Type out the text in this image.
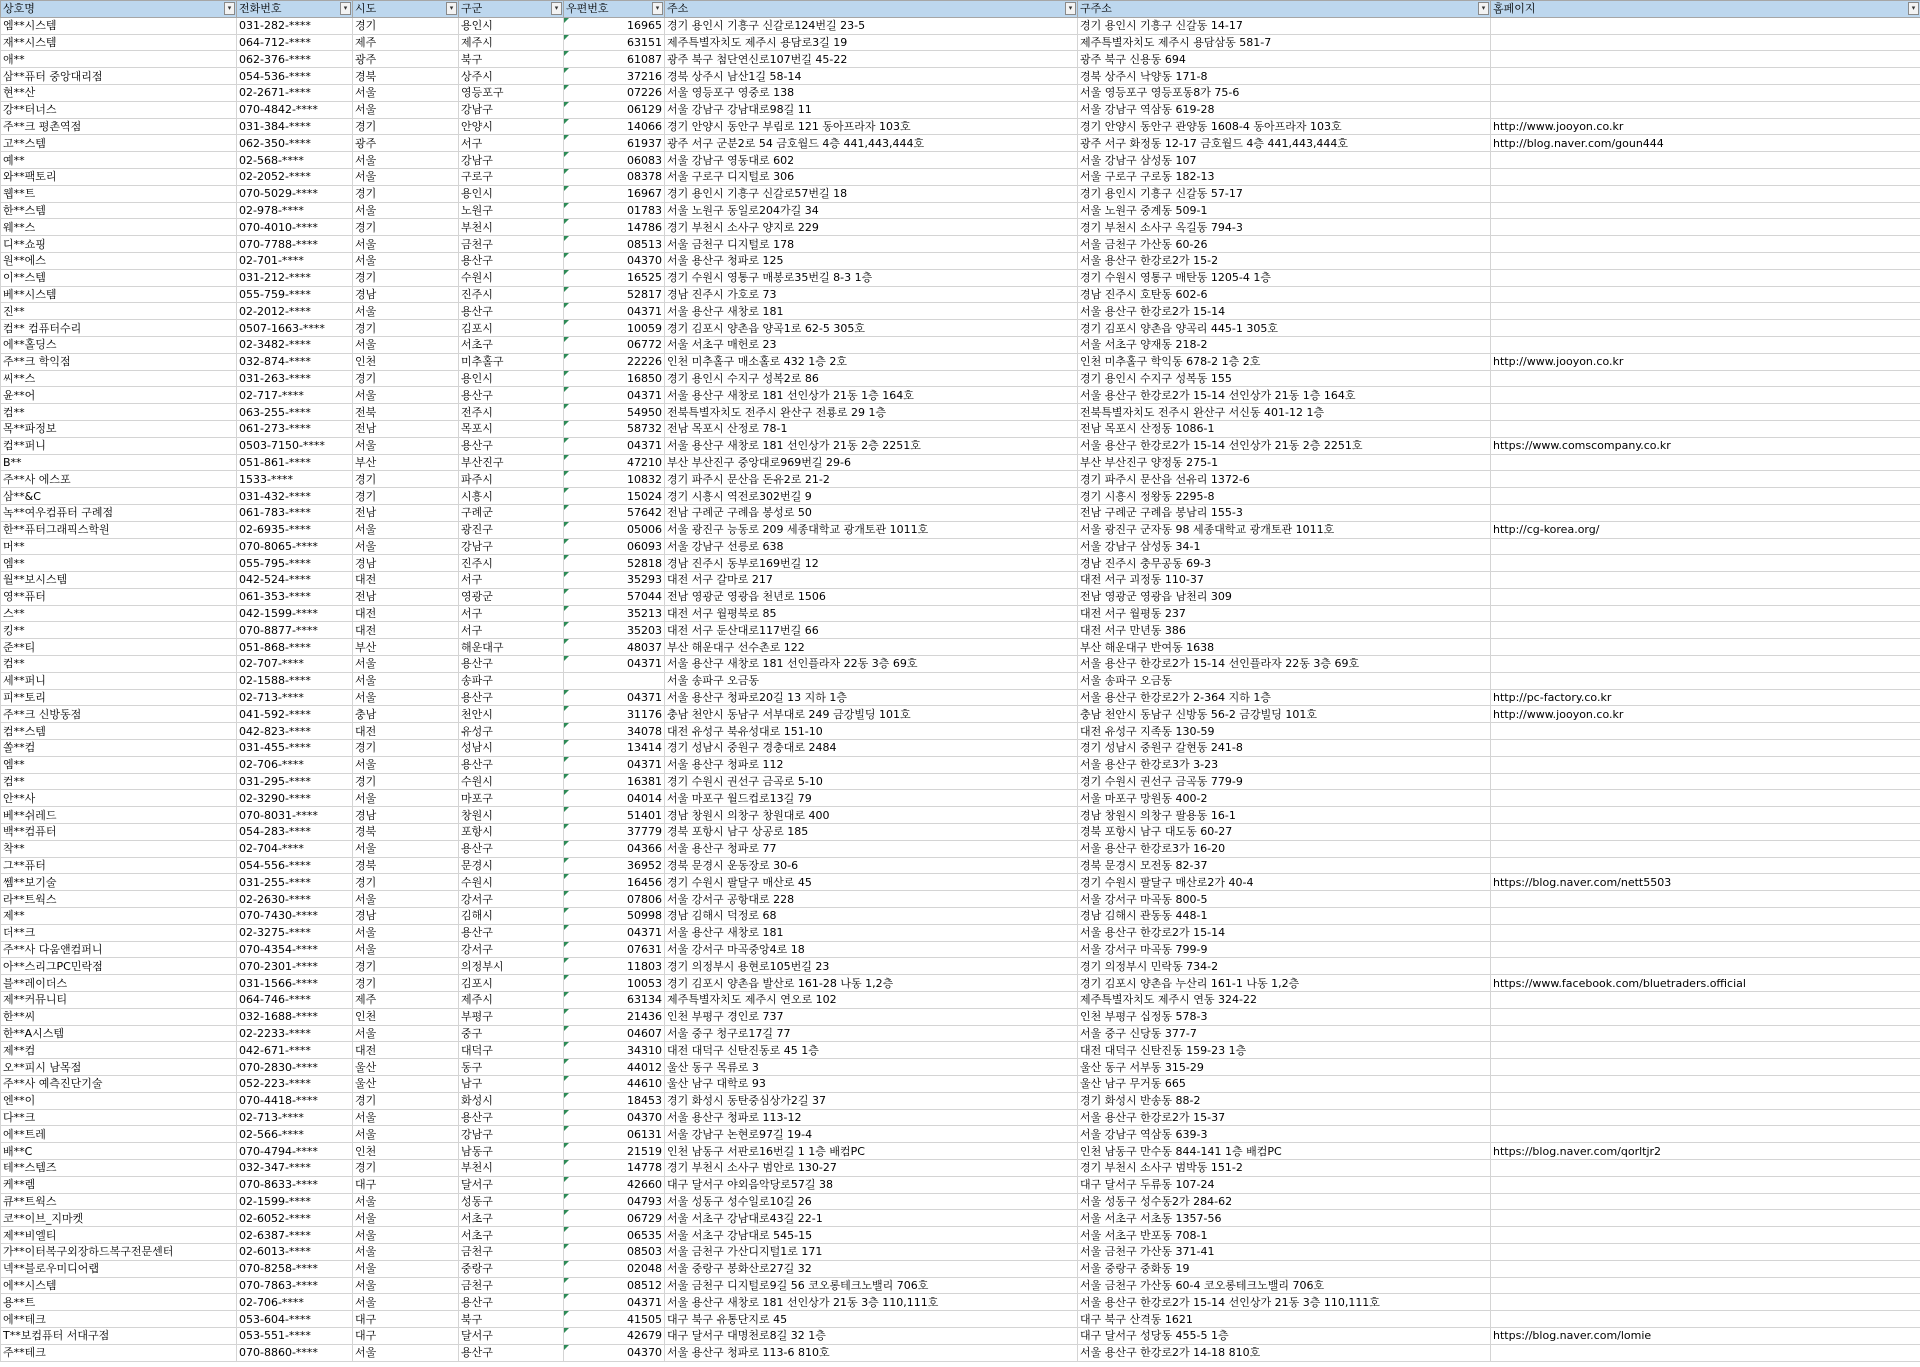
상호명 ▾	전화번호 ▾	시도 ▾	구군 ▾	우편번호 ▾	주소 ▾	구주소 ▾	홈페이지 ▾

엠**시스템	031-282-****	경기	용인시	16965	경기 용인시 기흥구 신갈로124번길 23-5	경기 용인시 기흥구 신갈동 14-17	
재**시스템	064-712-****	제주	제주시	63151	제주특별자치도 제주시 용담로3길 19	제주특별자치도 제주시 용담삼동 581-7	
애**	062-376-****	광주	북구	61087	광주 북구 첨단연신로107번길 45-22	광주 북구 신용동 694	
삼**퓨터 중앙대리점	054-536-****	경북	상주시	37216	경북 상주시 남산1길 58-14	경북 상주시 낙양동 171-8	
현**산	02-2671-****	서울	영등포구	07226	서울 영등포구 영중로 138	서울 영등포구 영등포동8가 75-6	
강**터너스	070-4842-****	서울	강남구	06129	서울 강남구 강남대로98길 11	서울 강남구 역삼동 619-28	
주**크 평촌역점	031-384-****	경기	안양시	14066	경기 안양시 동안구 부림로 121 동아프라자 103호	경기 안양시 동안구 관양동 1608-4 동아프라자 103호	http://www.jooyon.co.kr
고**스템	062-350-****	광주	서구	61937	광주 서구 군분2로 54 금호월드 4층 441,443,444호	광주 서구 화정동 12-17 금호월드 4층 441,443,444호	http://blog.naver.com/goun444
예**	02-568-****	서울	강남구	06083	서울 강남구 영동대로 602	서울 강남구 삼성동 107	
와**팩토리	02-2052-****	서울	구로구	08378	서울 구로구 디지털로 306	서울 구로구 구로동 182-13	
웹**트	070-5029-****	경기	용인시	16967	경기 용인시 기흥구 신갈로57번길 18	경기 용인시 기흥구 신갈동 57-17	
한**스템	02-978-****	서울	노원구	01783	서울 노원구 동일로204가길 34	서울 노원구 중계동 509-1	
웨**스	070-4010-****	경기	부천시	14786	경기 부천시 소사구 양지로 229	경기 부천시 소사구 옥길동 794-3	
디**쇼핑	070-7788-****	서울	금천구	08513	서울 금천구 디지털로 178	서울 금천구 가산동 60-26	
원**에스	02-701-****	서울	용산구	04370	서울 용산구 청파로 125	서울 용산구 한강로2가 15-2	
이**스템	031-212-****	경기	수원시	16525	경기 수원시 영통구 매봉로35번길 8-3 1층	경기 수원시 영통구 매탄동 1205-4 1층	
베**시스템	055-759-****	경남	진주시	52817	경남 진주시 가호로 73	경남 진주시 호탄동 602-6	
진**	02-2012-****	서울	용산구	04371	서울 용산구 새창로 181	서울 용산구 한강로2가 15-14	
컴** 컴퓨터수리	0507-1663-****	경기	김포시	10059	경기 김포시 양촌읍 양곡1로 62-5 305호	경기 김포시 양촌읍 양곡리 445-1 305호	
에**홀딩스	02-3482-****	서울	서초구	06772	서울 서초구 매헌로 23	서울 서초구 양재동 218-2	
주**크 학익점	032-874-****	인천	미추홀구	22226	인천 미추홀구 매소홀로 432 1층 2호	인천 미추홀구 학익동 678-2 1층 2호	http://www.jooyon.co.kr
씨**스	031-263-****	경기	용인시	16850	경기 용인시 수지구 성복2로 86	경기 용인시 수지구 성복동 155	
윤**어	02-717-****	서울	용산구	04371	서울 용산구 새창로 181 선인상가 21동 1층 164호	서울 용산구 한강로2가 15-14 선인상가 21동 1층 164호	
컴**	063-255-****	전북	전주시	54950	전북특별자치도 전주시 완산구 전룡로 29 1층	전북특별자치도 전주시 완산구 서신동 401-12 1층	
목**파정보	061-273-****	전남	목포시	58732	전남 목포시 산정로 78-1	전남 목포시 산정동 1086-1	
컴**퍼니	0503-7150-****	서울	용산구	04371	서울 용산구 새창로 181 선인상가 21동 2층 2251호	서울 용산구 한강로2가 15-14 선인상가 21동 2층 2251호	https://www.comscompany.co.kr
B**	051-861-****	부산	부산진구	47210	부산 부산진구 중앙대로969번길 29-6	부산 부산진구 양정동 275-1	
주**사 에스포	1533-****	경기	파주시	10832	경기 파주시 문산읍 돈유2로 21-2	경기 파주시 문산읍 선유리 1372-6	
삼**&C	031-432-****	경기	시흥시	15024	경기 시흥시 역전로302번길 9	경기 시흥시 정왕동 2295-8	
녹**여우컴퓨터 구례점	061-783-****	전남	구례군	57642	전남 구례군 구례읍 봉성로 50	전남 구례군 구례읍 봉남리 155-3	
한**퓨터그래픽스학원	02-6935-****	서울	광진구	05006	서울 광진구 능동로 209 세종대학교 광개토관 1011호	서울 광진구 군자동 98 세종대학교 광개토관 1011호	http://cg-korea.org/
머**	070-8065-****	서울	강남구	06093	서울 강남구 선릉로 638	서울 강남구 삼성동 34-1	
엠**	055-795-****	경남	진주시	52818	경남 진주시 동부로169번길 12	경남 진주시 충무공동 69-3	
월**보시스템	042-524-****	대전	서구	35293	대전 서구 갈마로 217	대전 서구 괴정동 110-37	
영**퓨터	061-353-****	전남	영광군	57044	전남 영광군 영광읍 천년로 1506	전남 영광군 영광읍 남천리 309	
스**	042-1599-****	대전	서구	35213	대전 서구 월평북로 85	대전 서구 월평동 237	
킹**	070-8877-****	대전	서구	35203	대전 서구 둔산대로117번길 66	대전 서구 만년동 386	
준**티	051-868-****	부산	해운대구	48037	부산 해운대구 선수촌로 122	부산 해운대구 반여동 1638	
컴**	02-707-****	서울	용산구	04371	서울 용산구 새창로 181 선인플라자 22동 3층 69호	서울 용산구 한강로2가 15-14 선인플라자 22동 3층 69호	
세**퍼니	02-1588-****	서울	송파구		서울 송파구 오금동	서울 송파구 오금동	
피**토리	02-713-****	서울	용산구	04371	서울 용산구 청파로20길 13 지하 1층	서울 용산구 한강로2가 2-364 지하 1층	http://pc-factory.co.kr
주**크 신방동점	041-592-****	충남	천안시	31176	충남 천안시 동남구 서부대로 249 금강빌딩 101호	충남 천안시 동남구 신방동 56-2 금강빌딩 101호	http://www.jooyon.co.kr
컴**스템	042-823-****	대전	유성구	34078	대전 유성구 북유성대로 151-10	대전 유성구 지족동 130-59	
쏠**컴	031-455-****	경기	성남시	13414	경기 성남시 중원구 경충대로 2484	경기 성남시 중원구 갈현동 241-8	
엠**	02-706-****	서울	용산구	04371	서울 용산구 청파로 112	서울 용산구 한강로3가 3-23	
컴**	031-295-****	경기	수원시	16381	경기 수원시 권선구 금곡로 5-10	경기 수원시 권선구 금곡동 779-9	
안**사	02-3290-****	서울	마포구	04014	서울 마포구 월드컵로13길 79	서울 마포구 망원동 400-2	
베**쉬레드	070-8031-****	경남	창원시	51401	경남 창원시 의창구 창원대로 400	경남 창원시 의창구 팔용동 16-1	
백**컴퓨터	054-283-****	경북	포항시	37779	경북 포항시 남구 상공로 185	경북 포항시 남구 대도동 60-27	
착**	02-704-****	서울	용산구	04366	서울 용산구 청파로 77	서울 용산구 한강로3가 16-20	
그**퓨터	054-556-****	경북	문경시	36952	경북 문경시 운동장로 30-6	경북 문경시 모전동 82-37	
쎔**보기술	031-255-****	경기	수원시	16456	경기 수원시 팔달구 매산로 45	경기 수원시 팔달구 매산로2가 40-4	https://blog.naver.com/nett5503
라**트웍스	02-2630-****	서울	강서구	07806	서울 강서구 공항대로 228	서울 강서구 마곡동 800-5	
제**	070-7430-****	경남	김해시	50998	경남 김해시 덕정로 68	경남 김해시 관동동 448-1	
더**크	02-3275-****	서울	용산구	04371	서울 용산구 새창로 181	서울 용산구 한강로2가 15-14	
주**사 다움앤컴퍼니	070-4354-****	서울	강서구	07631	서울 강서구 마곡중앙4로 18	서울 강서구 마곡동 799-9	
아**스리그PC민락점	070-2301-****	경기	의정부시	11803	경기 의정부시 용현로105번길 23	경기 의정부시 민락동 734-2	
블**레이더스	031-1566-****	경기	김포시	10053	경기 김포시 양촌읍 발산로 161-28 나동 1,2층	경기 김포시 양촌읍 누산리 161-1 나동 1,2층	https://www.facebook.com/bluetraders.official
제**커뮤니티	064-746-****	제주	제주시	63134	제주특별자치도 제주시 연오로 102	제주특별자치도 제주시 연동 324-22	
한**씨	032-1688-****	인천	부평구	21436	인천 부평구 경인로 737	인천 부평구 십정동 578-3	
한**A시스템	02-2233-****	서울	중구	04607	서울 중구 청구로17길 77	서울 중구 신당동 377-7	
제**컴	042-671-****	대전	대덕구	34310	대전 대덕구 신탄진동로 45 1층	대전 대덕구 신탄진동 159-23 1층	
오**피시 남목점	070-2830-****	울산	동구	44012	울산 동구 목류로 3	울산 동구 서부동 315-29	
주**사 예측진단기술	052-223-****	울산	남구	44610	울산 남구 대학로 93	울산 남구 무거동 665	
엔**이	070-4418-****	경기	화성시	18453	경기 화성시 동탄중심상가2길 37	경기 화성시 반송동 88-2	
다**크	02-713-****	서울	용산구	04370	서울 용산구 청파로 113-12	서울 용산구 한강로2가 15-37	
에**트레	02-566-****	서울	강남구	06131	서울 강남구 논현로97길 19-4	서울 강남구 역삼동 639-3	
배**C	070-4794-****	인천	남동구	21519	인천 남동구 서판로16번길 1 1층 배컴PC	인천 남동구 만수동 844-141 1층 배컴PC	https://blog.naver.com/qorltjr2
테**스템즈	032-347-****	경기	부천시	14778	경기 부천시 소사구 범안로 130-27	경기 부천시 소사구 범박동 151-2	
케**렘	070-8633-****	대구	달서구	42660	대구 달서구 야외음악당로57길 38	대구 달서구 두류동 107-24	
큐**트웍스	02-1599-****	서울	성동구	04793	서울 성동구 성수일로10길 26	서울 성동구 성수동2가 284-62	
코**이브_지마켓	02-6052-****	서울	서초구	06729	서울 서초구 강남대로43길 22-1	서울 서초구 서초동 1357-56	
제**비엘티	02-6387-****	서울	서초구	06535	서울 서초구 강남대로 545-15	서울 서초구 반포동 708-1	
가**이터복구외장하드복구전문센터	02-6013-****	서울	금천구	08503	서울 금천구 가산디지털1로 171	서울 금천구 가산동 371-41	
넥**블로우미디어랩	070-8258-****	서울	중랑구	02048	서울 중랑구 봉화산로27길 32	서울 중랑구 중화동 19	
에**시스템	070-7863-****	서울	금천구	08512	서울 금천구 디지털로9길 56 코오롱테크노밸리 706호	서울 금천구 가산동 60-4 코오롱테크노밸리 706호	
용**트	02-706-****	서울	용산구	04371	서울 용산구 새창로 181 선인상가 21동 3층 110,111호	서울 용산구 한강로2가 15-14 선인상가 21동 3층 110,111호	
에**테크	053-604-****	대구	북구	41505	대구 북구 유통단지로 45	대구 북구 산격동 1621	
T**보컴퓨터 서대구점	053-551-****	대구	달서구	42679	대구 달서구 대명천로8길 32 1층	대구 달서구 성당동 455-5 1층	https://blog.naver.com/lomie
주**테크	070-8860-****	서울	용산구	04370	서울 용산구 청파로 113-6 810호	서울 용산구 한강로2가 14-18 810호	
